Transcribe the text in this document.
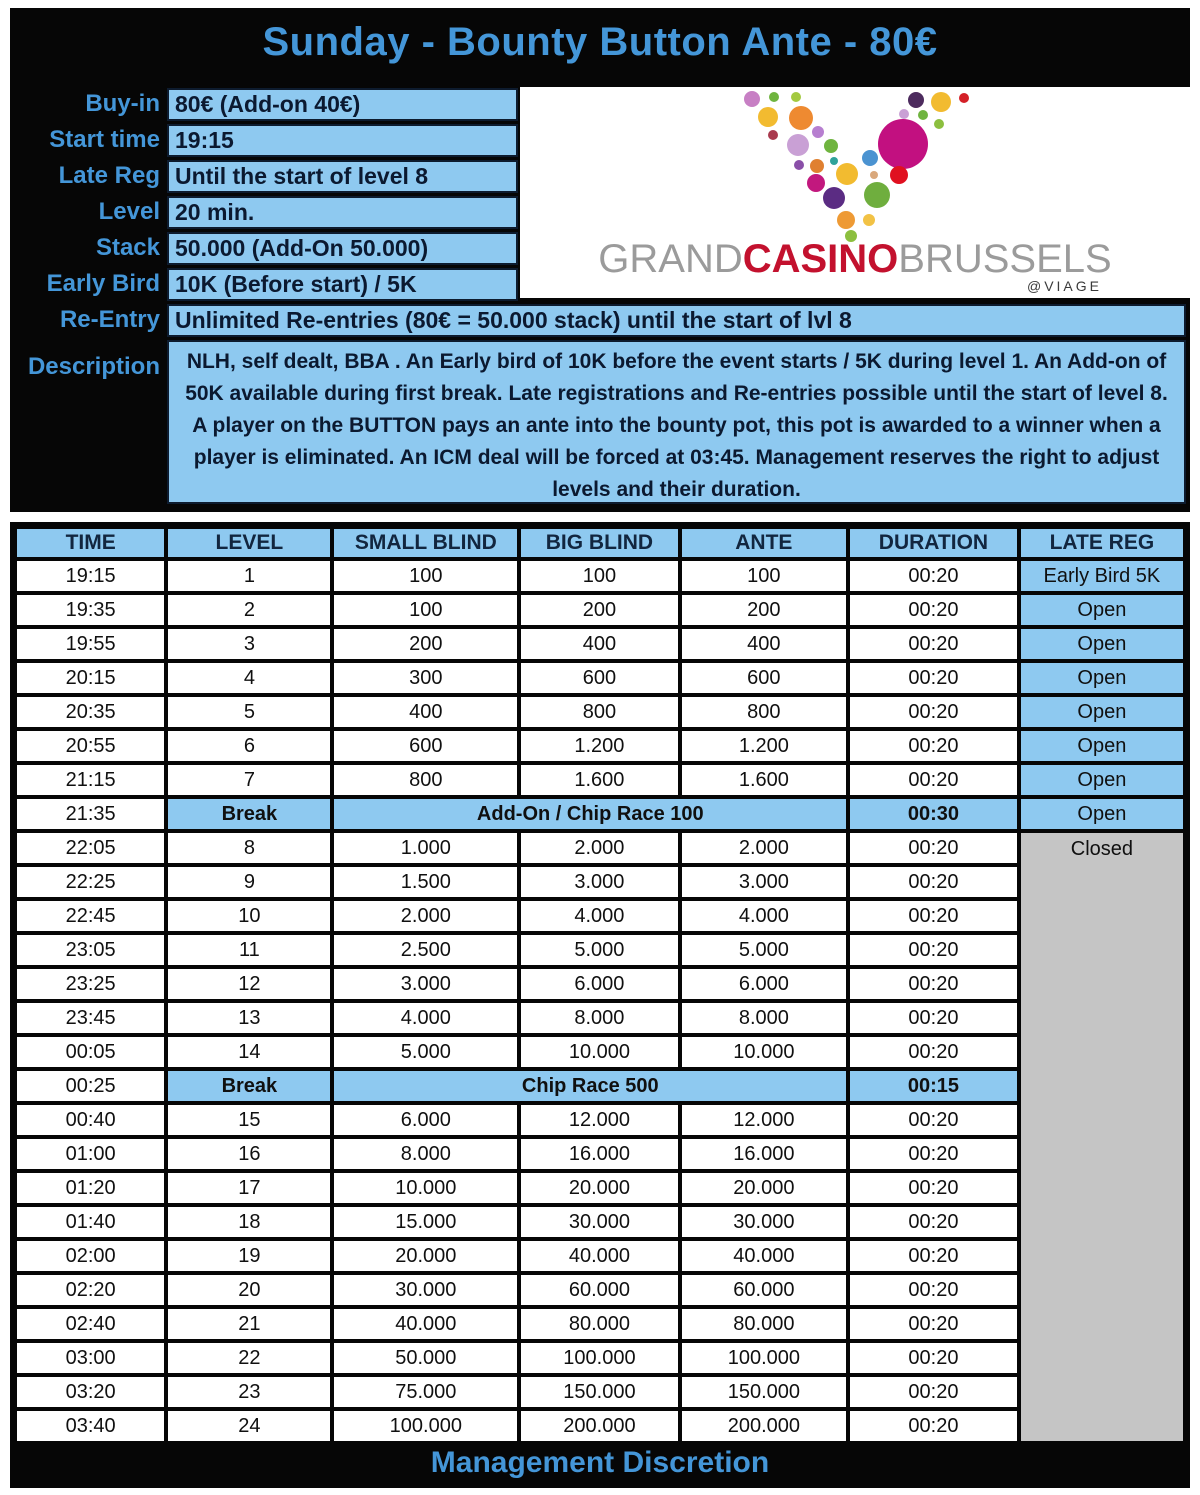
Sunday - Bounty Button Ante - 80€
Buy-in 80€ (Add-on 40€)
Start time 19:15
Late Reg Until the start of level 8
Level 20 min.
Stack 50.000 (Add-On 50.000)
Early Bird 10K (Before start) / 5K
Re-Entry Unlimited Re-entries (80€ = 50.000 stack) until the start of lvl 8
Description	NLH, self dealt, BBA . An Early bird of 10K before the event starts / 5K during level 1. An Add-on of 50K available during first break. Late registrations and Re-entries possible until the start of level 8. A player on the BUTTON pays an ante into the bounty pot, this pot is awarded to a winner when a player is eliminated. An ICM deal will be forced at 03:45. Management reserves the right to adjust levels and their duration.
GRANDCASINOBRUSSELS
@VIAGE
TIME	LEVEL	SMALL BLIND	BIG BLIND	ANTE	DURATION	LATE REG
19:15	1	100	100	100	00:20	Early Bird 5K
19:35	2	100	200	200	00:20	Open
19:55	3	200	400	400	00:20	Open
20:15	4	300	600	600	00:20	Open
20:35	5	400	800	800	00:20	Open
20:55	6	600	1.200	1.200	00:20	Open
21:15	7	800	1.600	1.600	00:20	Open
21:35	Break	Add-On / Chip Race 100			00:30	Open
22:05	8	1.000	2.000	2.000	00:20	Closed
22:25	9	1.500	3.000	3.000	00:20	
22:45	10	2.000	4.000	4.000	00:20	
23:05	11	2.500	5.000	5.000	00:20	
23:25	12	3.000	6.000	6.000	00:20	
23:45	13	4.000	8.000	8.000	00:20	
00:05	14	5.000	10.000	10.000	00:20	
00:25	Break	Chip Race 500			00:15	
00:40	15	6.000	12.000	12.000	00:20	
01:00	16	8.000	16.000	16.000	00:20	
01:20	17	10.000	20.000	20.000	00:20	
01:40	18	15.000	30.000	30.000	00:20	
02:00	19	20.000	40.000	40.000	00:20	
02:20	20	30.000	60.000	60.000	00:20	
02:40	21	40.000	80.000	80.000	00:20	
03:00	22	50.000	100.000	100.000	00:20	
03:20	23	75.000	150.000	150.000	00:20	
03:40	24	100.000	200.000	200.000	00:20	
Management Discretion
